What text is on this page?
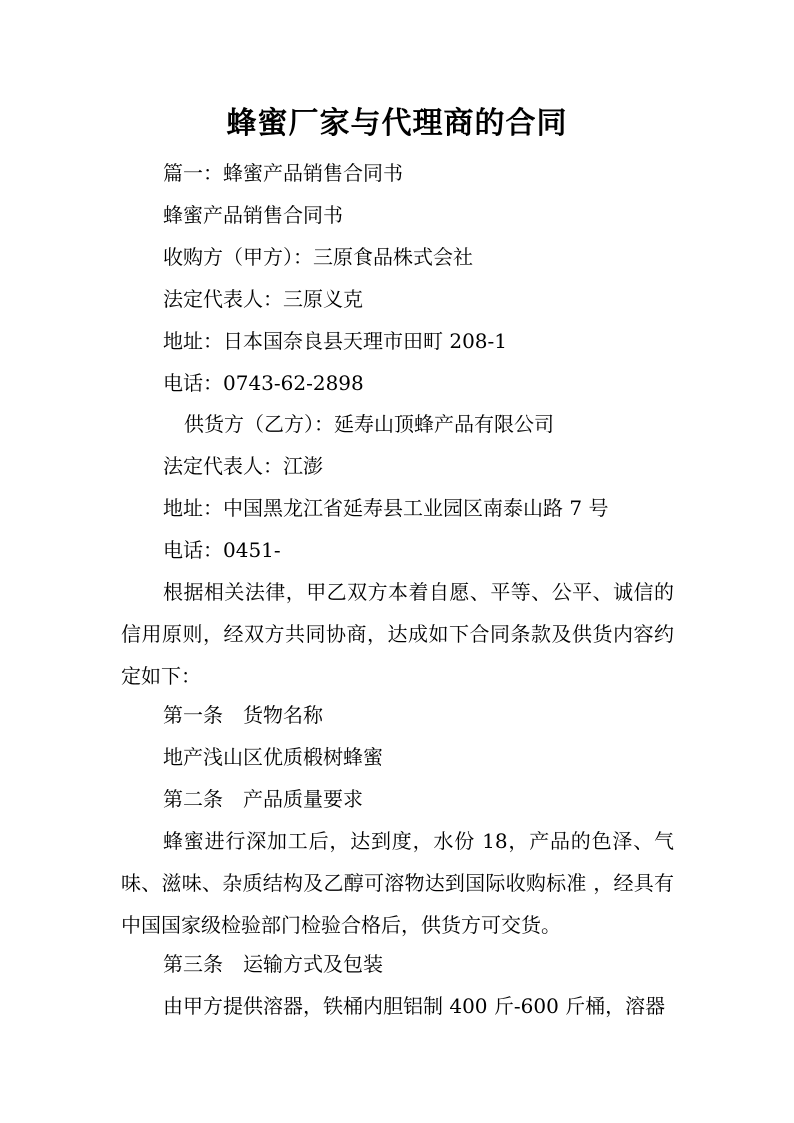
蜂蜜厂家与代理商的合同
篇一：蜂蜜产品销售合同书
蜂蜜产品销售合同书
收购方（甲方）：三原食品株式会社
法定代表人：三原义克
地址：日本国奈良县天理市田町 208-1
电话：0743-62-2898
供货方（乙方）：延寿山顶蜂产品有限公司
法定代表人：江澎
地址：中国黑龙江省延寿县工业园区南泰山路 7 号
电话：0451-
根据相关法律，甲乙双方本着自愿、平等、公平、诚信的信用原则，经双方共同协商，达成如下合同条款及供货内容约定如下：
第一条　货物名称
地产浅山区优质椴树蜂蜜
第二条　产品质量要求
蜂蜜进行深加工后，达到度，水份 18，产品的色泽、气味、滋味、杂质结构及乙醇可溶物达到国际收购标准 ，经具有中国国家级检验部门检验合格后，供货方可交货。
第三条　运输方式及包装
由甲方提供溶器，铁桶内胆铝制 400 斤-600 斤桶，溶器
